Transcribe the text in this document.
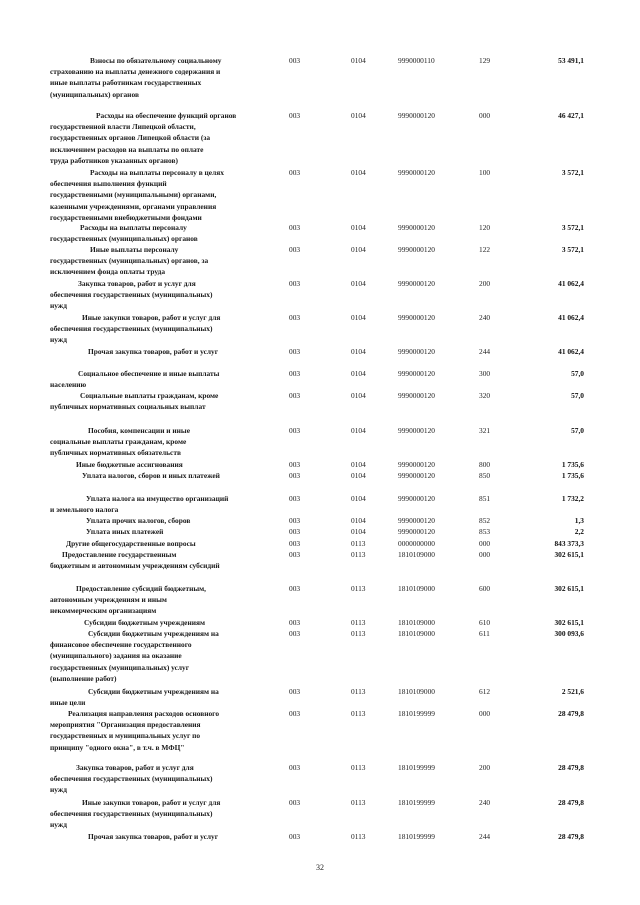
Взносы по обязательному социальному
страхованию на выплаты денежного содержания и
иные выплаты работникам государственных
(муниципальных) органов
003	0104	9990000110	129	53 491,1
Расходы на обеспечение функций органов
государственной власти Липецкой области,
государственных органов Липецкой области (за
исключением расходов на выплаты по оплате
труда работников указанных органов)
003	0104	9990000120	000	46 427,1
Расходы на выплаты персоналу в целях
обеспечения выполнения функций
государственными (муниципальными) органами,
казенными учреждениями, органами управления
государственными внебюджетными фондами
003	0104	9990000120	100	3 572,1
Расходы на выплаты персоналу
государственных (муниципальных) органов
003	0104	9990000120	120	3 572,1
Иные выплаты персоналу
государственных (муниципальных) органов, за
исключением фонда оплаты труда
003	0104	9990000120	122	3 572,1
Закупка товаров, работ и услуг для
обеспечения государственных (муниципальных)
нужд
003	0104	9990000120	200	41 062,4
Иные закупки товаров, работ и услуг для
обеспечения государственных (муниципальных)
нужд
003	0104	9990000120	240	41 062,4
Прочая закупка товаров, работ и услуг	003	0104	9990000120	244	41 062,4
Социальное обеспечение и иные выплаты
населению
003	0104	9990000120	300	57,0
Социальные выплаты гражданам, кроме
публичных нормативных социальных выплат
003	0104	9990000120	320	57,0
Пособия, компенсации и иные
социальные выплаты гражданам, кроме
публичных нормативных обязательств
003	0104	9990000120	321	57,0
Иные бюджетные ассигнования	003	0104	9990000120	800	1 735,6
Уплата налогов, сборов и иных платежей	003	0104	9990000120	850	1 735,6
Уплата налога на имущество организаций
и земельного налога
003	0104	9990000120	851	1 732,2
Уплата прочих налогов, сборов	003	0104	9990000120	852	1,3
Уплата иных платежей	003	0104	9990000120	853	2,2
Другие общегосударственные вопросы	003	0113	0000000000	000	843 373,3
Предоставление государственным
бюджетным и автономным учреждениям субсидий
003	0113	1810109000	000	302 615,1
Предоставление субсидий бюджетным,
автономным учреждениям и иным
некоммерческим организациям
003	0113	1810109000	600	302 615,1
Субсидии бюджетным учреждениям	003	0113	1810109000	610	302 615,1
Субсидии бюджетным учреждениям на
финансовое обеспечение государственного
(муниципального) задания на оказание
государственных (муниципальных) услуг
(выполнение работ)
003	0113	1810109000	611	300 093,6
Субсидии бюджетным учреждениям на
иные цели
003	0113	1810109000	612	2 521,6
Реализация направления расходов основного
мероприятия "Организация предоставления
государственных и муниципальных услуг по
принципу "одного окна", в т.ч. в МФЦ"
003	0113	1810199999	000	28 479,8
Закупка товаров, работ и услуг для
обеспечения государственных (муниципальных)
нужд
003	0113	1810199999	200	28 479,8
Иные закупки товаров, работ и услуг для
обеспечения государственных (муниципальных)
нужд
003	0113	1810199999	240	28 479,8
Прочая закупка товаров, работ и услуг	003	0113	1810199999	244	28 479,8
32
